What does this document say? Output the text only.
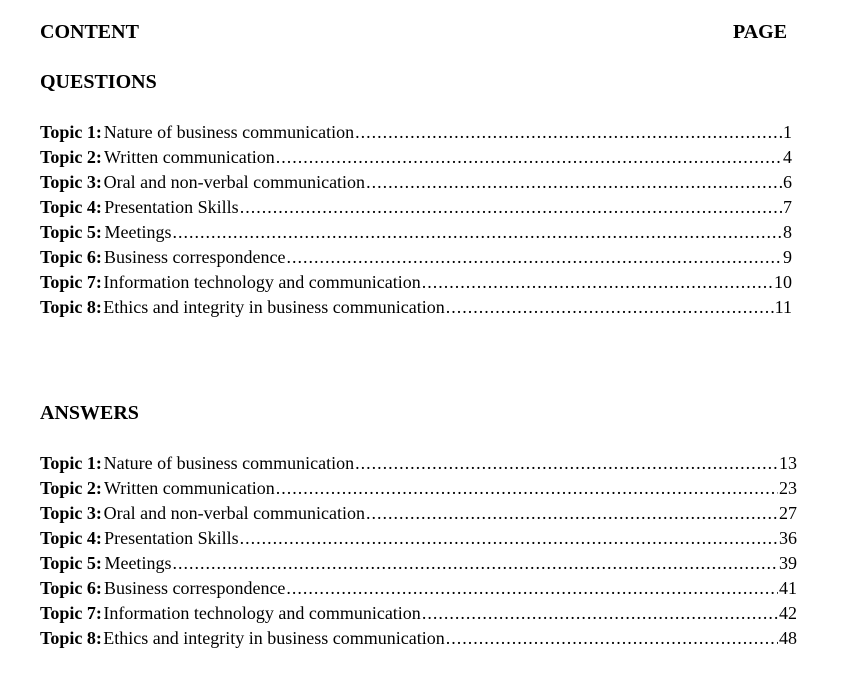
CONTENT	PAGE
QUESTIONS
Topic 1: Nature of business communication .....	1
Topic 2: Written communication .....	4
Topic 3: Oral and non-verbal communication .....	6
Topic 4: Presentation Skills .....	7
Topic 5: Meetings .....	8
Topic 6: Business correspondence .....	9
Topic 7: Information technology and communication .....	10
Topic 8: Ethics and integrity in business communication .....	11
ANSWERS
Topic 1: Nature of business communication .....	13
Topic 2: Written communication .....	23
Topic 3: Oral and non-verbal communication .....	27
Topic 4: Presentation Skills .....	36
Topic 5: Meetings .....	39
Topic 6: Business correspondence .....	41
Topic 7: Information technology and communication .....	42
Topic 8: Ethics and integrity in business communication .....	48
